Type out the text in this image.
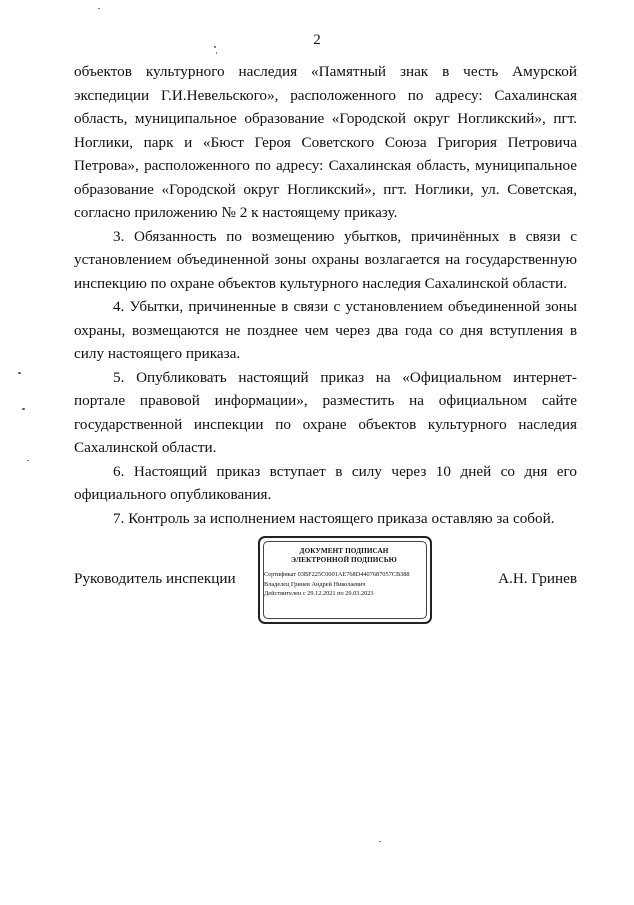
2

объектов культурного наследия «Памятный знак в честь Амурской экспедиции Г.И.Невельского», расположенного по адресу: Сахалинская область, муниципальное образование «Городской округ Ногликский», пгт. Ноглики, парк и «Бюст Героя Советского Союза Григория Петровича Петрова», расположенного по адресу: Сахалинская область, муниципальное образование «Городской округ Ногликский», пгт. Ноглики, ул. Советская, согласно приложению № 2 к настоящему приказу.

3. Обязанность по возмещению убытков, причинённых в связи с установлением объединенной зоны охраны возлагается на государственную инспекцию по охране объектов культурного наследия Сахалинской области.

4. Убытки, причиненные в связи с установлением объединенной зоны охраны, возмещаются не позднее чем через два года со дня вступления в силу настоящего приказа.

5. Опубликовать настоящий приказ на «Официальном интернет-портале правовой информации», разместить на официальном сайте государственной инспекции по охране объектов культурного наследия Сахалинской области.

6. Настоящий приказ вступает в силу через 10 дней со дня его официального опубликования.

7. Контроль за исполнением настоящего приказа оставляю за собой.

Руководитель инспекции
ДОКУМЕНТ ПОДПИСАН
ЭЛЕКТРОННОЙ ПОДПИСЬЮ
Сертификат 03BF225C0001AE768D4407687057CB388
Владелец Гринев Андрей Николаевич
Действителен с 29.12.2021 по 29.03.2023
А.Н. Гринев
